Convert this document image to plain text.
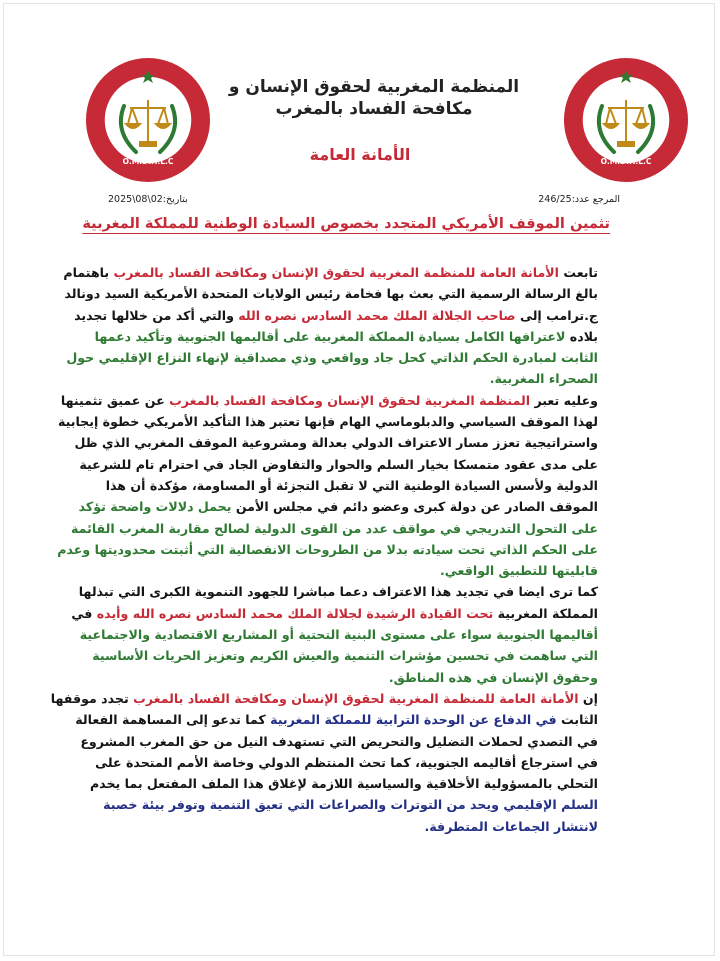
O.M.D.H.L.C
O.M.D.H.L.C
المنظمة المغربية لحقوق الإنسان و
مكافحة الفساد بالمغرب
الأمانة العامة
المرجع عدد:246/25
بتاريخ:02\08\2025
تثمين الموقف الأمريكي المتجدد بخصوص السيادة الوطنية للمملكة المغربية
تابعت الأمانة العامة للمنظمة المغربية لحقوق الإنسان ومكافحة الفساد بالمغرب باهتمام
بالغ الرسالة الرسمية التي بعث بها فخامة رئيس الولايات المتحدة الأمريكية السيد دونالد
ج.ترامب إلى صاحب الجلالة الملك محمد السادس نصره الله والتي أكد من خلالها تجديد
بلاده لاعترافها الكامل بسيادة المملكة المغربية على أقاليمها الجنوبية وتأكيد دعمها
الثابت لمبادرة الحكم الذاتي كحل جاد وواقعي وذي مصداقية لإنهاء النزاع الإقليمي حول
الصحراء المغربية.
وعليه تعبر المنظمة المغربية لحقوق الإنسان ومكافحة الفساد بالمغرب عن عميق تثمينها
لهذا الموقف السياسي والدبلوماسي الهام فإنها تعتبر هذا التأكيد الأمريكي خطوة إيجابية
واستراتيجية تعزز مسار الاعتراف الدولي بعدالة ومشروعية الموقف المغربي الذي ظل
على مدى عقود متمسكا بخيار السلم والحوار والتفاوض الجاد في احترام تام للشرعية
الدولية ولأسس السيادة الوطنية التي لا تقبل التجزئة أو المساومة، مؤكدة أن هذا
الموقف الصادر عن دولة كبرى وعضو دائم في مجلس الأمن يحمل دلالات واضحة تؤكد
على التحول التدريجي في مواقف عدد من القوى الدولية لصالح مقاربة المغرب القائمة
على الحكم الذاتي تحت سيادته بدلا من الطروحات الانفصالية التي أثبتت محدوديتها وعدم
قابليتها للتطبيق الواقعي.
كما ترى ايضا في تجديد هذا الاعتراف دعما مباشرا للجهود التنموية الكبرى التي تبذلها
المملكة المغربية تحت القيادة الرشيدة لجلالة الملك محمد السادس نصره الله وأيده في
أقاليمها الجنوبية سواء على مستوى البنية التحتية أو المشاريع الاقتصادية والاجتماعية
التي ساهمت في تحسين مؤشرات التنمية والعيش الكريم وتعزيز الحريات الأساسية
وحقوق الإنسان في هذه المناطق.
إن الأمانة العامة للمنظمة المغربية لحقوق الإنسان ومكافحة الفساد بالمغرب تجدد موقفها
الثابت في الدفاع عن الوحدة الترابية للمملكة المغربية كما تدعو إلى المساهمة الفعالة
في التصدي لحملات التضليل والتحريض التي تستهدف النيل من حق المغرب المشروع
في استرجاع أقاليمه الجنوبية، كما تحث المنتظم الدولي وخاصة الأمم المتحدة على
التحلي بالمسؤولية الأخلاقية والسياسية اللازمة لإغلاق هذا الملف المفتعل بما يخدم
السلم الإقليمي ويحد من التوترات والصراعات التي تعيق التنمية وتوفر بيئة خصبة
لانتشار الجماعات المتطرفة.
